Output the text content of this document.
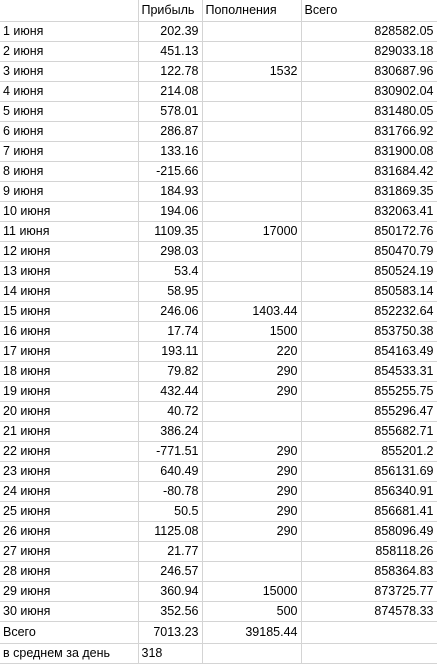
	Прибыль	Пополнения	Всего
1 июня	202.39		828582.05
2 июня	451.13		829033.18
3 июня	122.78	1532	830687.96
4 июня	214.08		830902.04
5 июня	578.01		831480.05
6 июня	286.87		831766.92
7 июня	133.16		831900.08
8 июня	-215.66		831684.42
9 июня	184.93		831869.35
10 июня	194.06		832063.41
11 июня	1109.35	17000	850172.76
12 июня	298.03		850470.79
13 июня	53.4		850524.19
14 июня	58.95		850583.14
15 июня	246.06	1403.44	852232.64
16 июня	17.74	1500	853750.38
17 июня	193.11	220	854163.49
18 июня	79.82	290	854533.31
19 июня	432.44	290	855255.75
20 июня	40.72		855296.47
21 июня	386.24		855682.71
22 июня	-771.51	290	855201.2
23 июня	640.49	290	856131.69
24 июня	-80.78	290	856340.91
25 июня	50.5	290	856681.41
26 июня	1125.08	290	858096.49
27 июня	21.77		858118.26
28 июня	246.57		858364.83
29 июня	360.94	15000	873725.77
30 июня	352.56	500	874578.33
Всего	7013.23	39185.44	
в среднем за день	318		
